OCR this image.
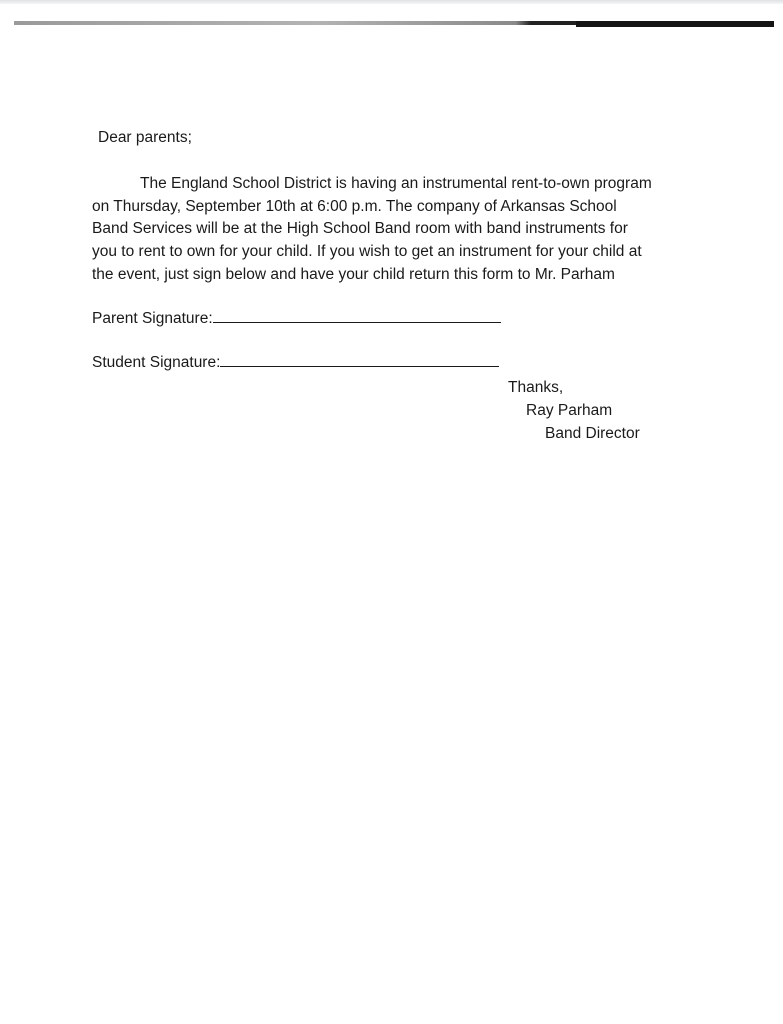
Dear parents;
The England School District is having an instrumental rent-to-own program
on Thursday, September 10th at 6:00 p.m. The company of Arkansas School
Band Services will be at the High School Band room with band instruments for
you to rent to own for your child. If you wish to get an instrument for your child at
the event, just sign below and have your child return this form to Mr. Parham
Parent Signature:
Student Signature:
Thanks,
Ray Parham
Band Director
